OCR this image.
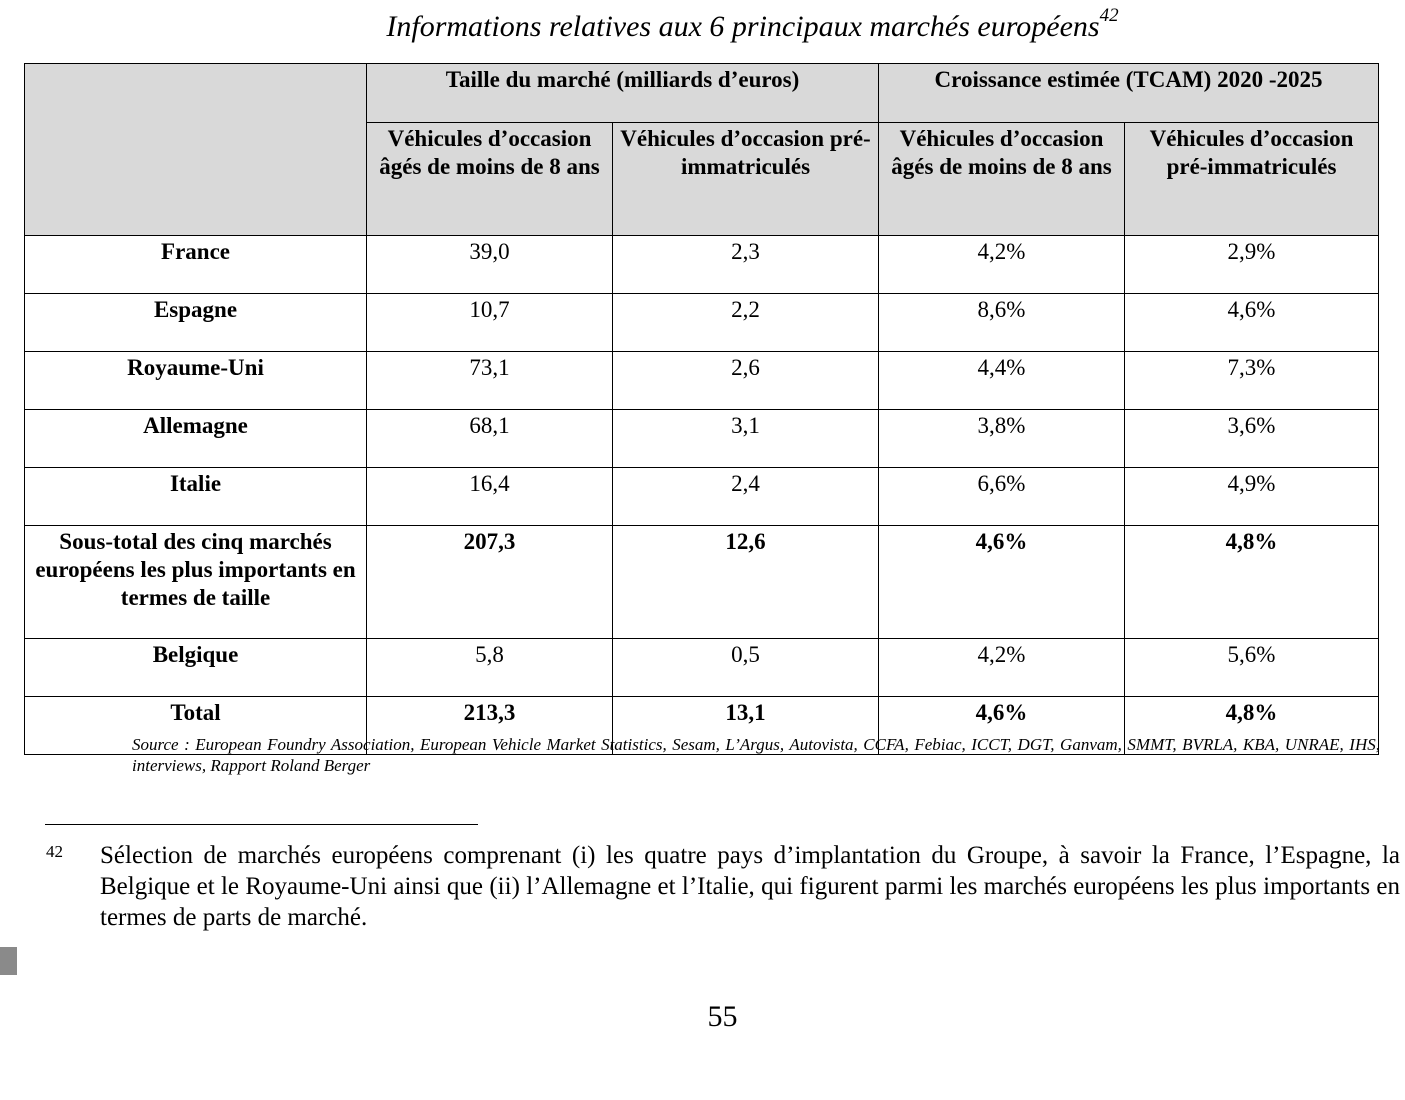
Informations relatives aux 6 principaux marchés européens$^{42}$
	Taille du marché (milliards d’euros)		Croissance estimée (TCAM) 2020 -2025	
	Véhicules d’occasion âgés de moins de 8 ans	Véhicules d’occasion pré-immatriculés	Véhicules d’occasion âgés de moins de 8 ans	Véhicules d’occasion pré-immatriculés
France	39,0	2,3	4,2%	2,9%
Espagne	10,7	2,2	8,6%	4,6%
Royaume-Uni	73,1	2,6	4,4%	7,3%
Allemagne	68,1	3,1	3,8%	3,6%
Italie	16,4	2,4	6,6%	4,9%
Sous-total des cinq marchés européens les plus importants en termes de taille	207,3	12,6	4,6%	4,8%
Belgique	5,8	0,5	4,2%	5,6%
Total	213,3	13,1	4,6%	4,8%
Source : European Foundry Association, European Vehicle Market Statistics, Sesam, L’Argus, Autovista, CCFA, Febiac, ICCT, DGT, Ganvam, SMMT, BVRLA, KBA, UNRAE, IHS, interviews, Rapport Roland Berger
42 Sélection de marchés européens comprenant (i) les quatre pays d’implantation du Groupe, à savoir la France, l’Espagne, la Belgique et le Royaume-Uni ainsi que (ii) l’Allemagne et l’Italie, qui figurent parmi les marchés européens les plus importants en termes de parts de marché.
55
